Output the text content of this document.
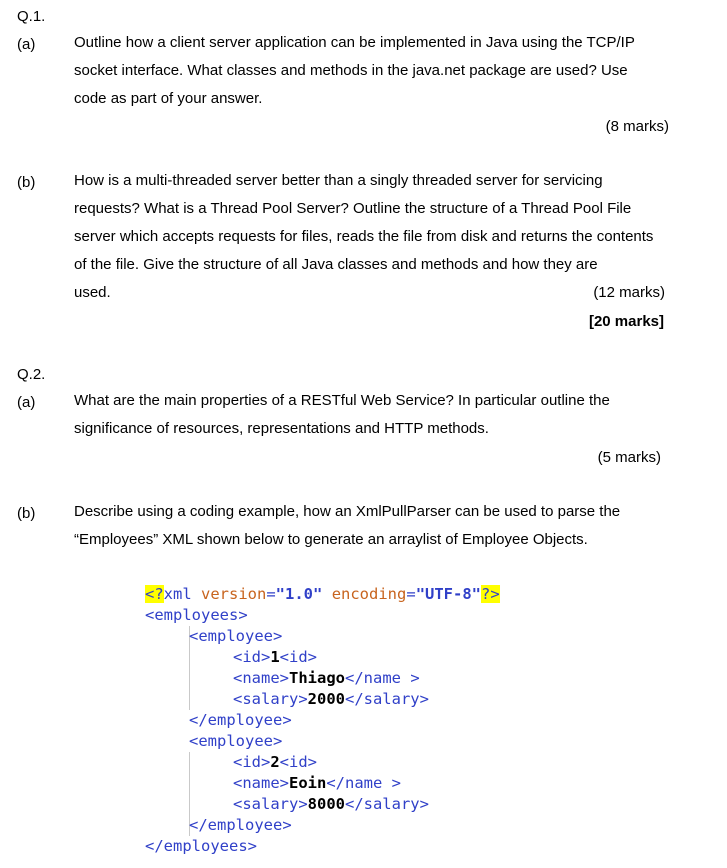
Q.1.
(a)	Outline how a client server application can be implemented in Java using the TCP/IP
socket interface. What classes and methods in the java.net package are used? Use
code as part of your answer.
(8 marks)
(b)	How is a multi-threaded server better than a singly threaded server for servicing
requests? What is a Thread Pool Server? Outline the structure of a Thread Pool File
server which accepts requests for files, reads the file from disk and returns the contents
of the file. Give the structure of all Java classes and methods and how they are
used.	(12 marks)
[20 marks]
Q.2.
(a)	What are the main properties of a RESTful Web Service? In particular outline the
significance of resources, representations and HTTP methods.
(5 marks)
(b)	Describe using a coding example, how an XmlPullParser can be used to parse the
“Employees” XML shown below to generate an arraylist of Employee Objects.
<?xml version="1.0" encoding="UTF-8"?>
<employees>
<employee>
<id>1<id>
<name>Thiago</name >
<salary>2000</salary>
</employee>
<employee>
<id>2<id>
<name>Eoin</name >
<salary>8000</salary>
</employee>
</employees>
